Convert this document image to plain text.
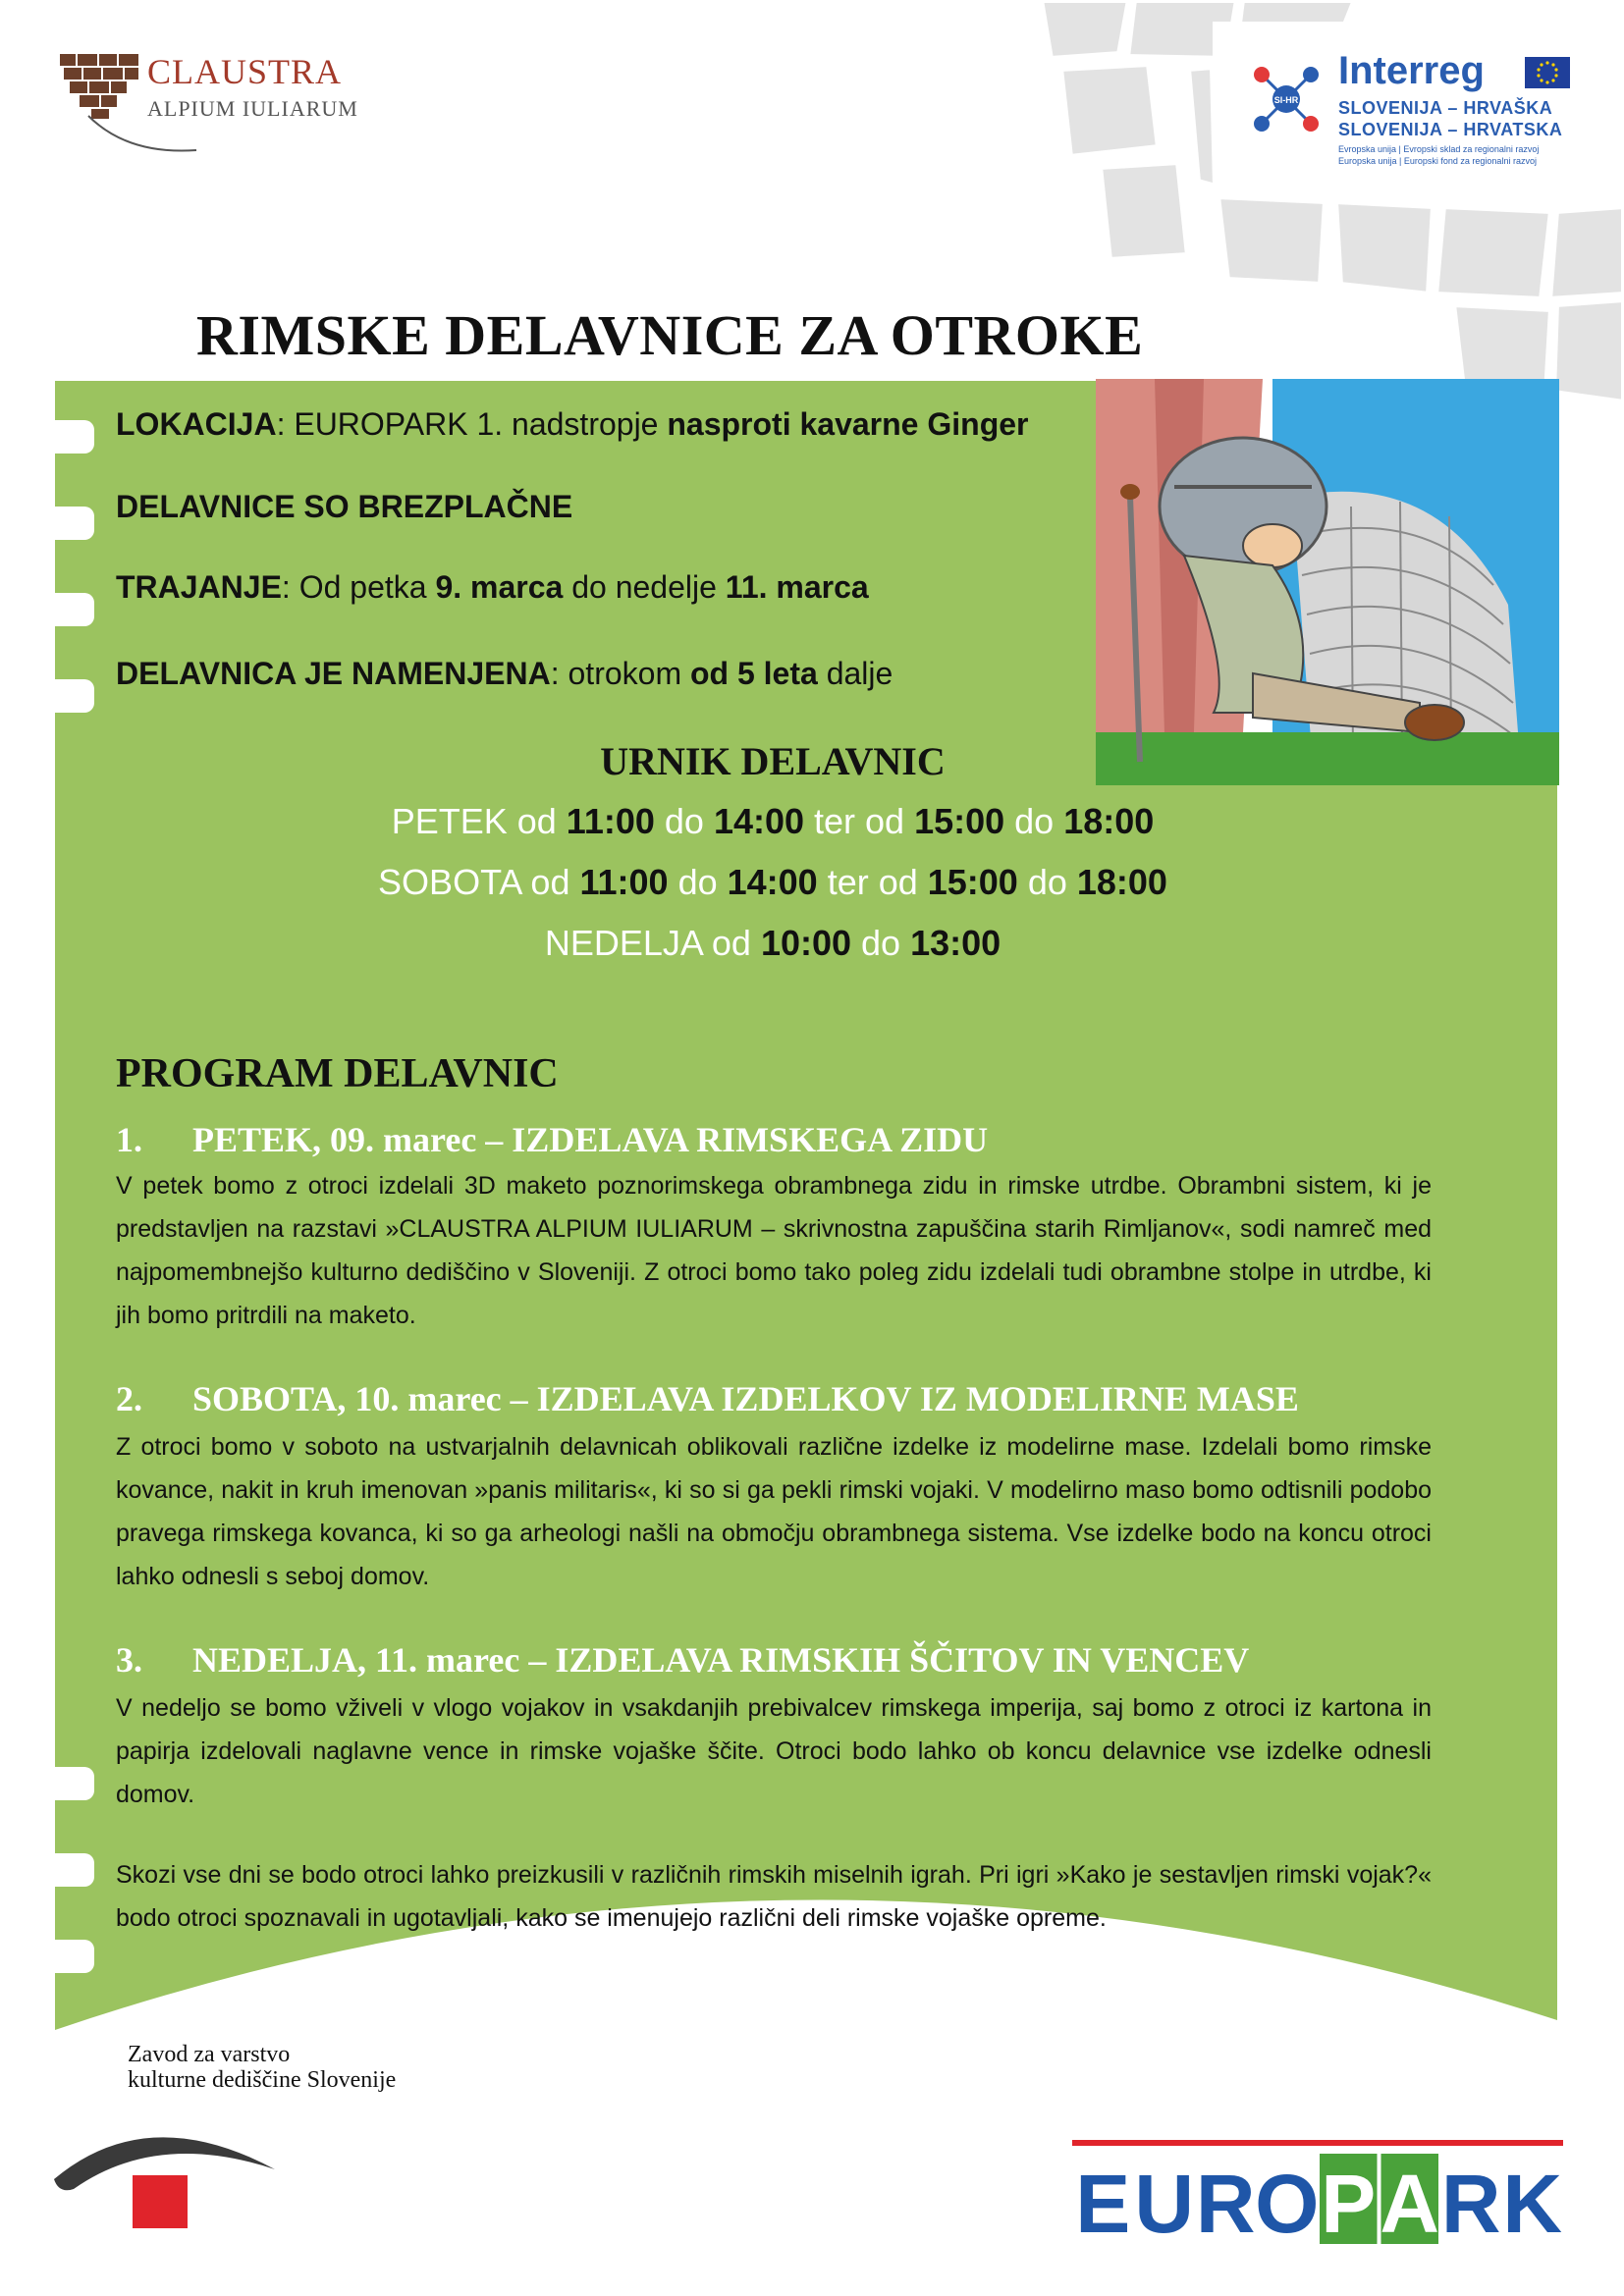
CLAUSTRA
ALPIUM IULIARUM	SI-HR
Interreg
SLOVENIJA – HRVAŠKA
SLOVENIJA – HRVATSKA
Evropska unija | Evropski sklad za regionalni razvoj Europska unija | Europski fond za regionalni razvoj
RIMSKE DELAVNICE ZA OTROKE
LOKACIJA: EUROPARK 1. nadstropje nasproti kavarne Ginger
DELAVNICE SO BREZPLAČNE
TRAJANJE: Od petka 9. marca do nedelje 11. marca
DELAVNICA JE NAMENJENA: otrokom od 5 leta dalje
URNIK DELAVNIC
PETEK od 11:00 do 14:00 ter od 15:00 do 18:00
SOBOTA od 11:00 do 14:00 ter od 15:00 do 18:00
NEDELJA od 10:00 do 13:00
PROGRAM DELAVNIC
1. PETEK, 09. marec – IZDELAVA RIMSKEGA ZIDU
V petek bomo z otroci izdelali 3D maketo poznorimskega obrambnega zidu in rimske utrdbe. Obrambni sistem, ki je predstavljen na razstavi »CLAUSTRA ALPIUM IULIARUM – skrivnostna zapuščina starih Rimljanov«, sodi namreč med najpomembnejšo kulturno dediščino v Sloveniji. Z otroci bomo tako poleg zidu izdelali tudi obrambne stolpe in utrdbe, ki jih bomo pritrdili na maketo.
2. SOBOTA, 10. marec – IZDELAVA IZDELKOV IZ MODELIRNE MASE
Z otroci bomo v soboto na ustvarjalnih delavnicah oblikovali različne izdelke iz modelirne mase. Izdelali bomo rimske kovance, nakit in kruh imenovan »panis militaris«, ki so si ga pekli rimski vojaki. V modelirno maso bomo odtisnili podobo pravega rimskega kovanca, ki so ga arheologi našli na območju obrambnega sistema. Vse izdelke bodo na koncu otroci lahko odnesli s seboj domov.
3. NEDELJA, 11. marec – IZDELAVA RIMSKIH ŠČITOV IN VENCEV
V nedeljo se bomo vživeli v vlogo vojakov in vsakdanjih prebivalcev rimskega imperija, saj bomo z otroci iz kartona in papirja izdelovali naglavne vence in rimske vojaške ščite. Otroci bodo lahko ob koncu delavnice vse izdelke odnesli domov.
Skozi vse dni se bodo otroci lahko preizkusili v različnih rimskih miselnih igrah. Pri igri »Kako je sestavljen rimski vojak?« bodo otroci spoznavali in ugotavljali, kako se imenujejo različni deli rimske vojaške opreme.
Zavod za varstvo
kulturne dediščine Slovenije
E U R O P A R K
